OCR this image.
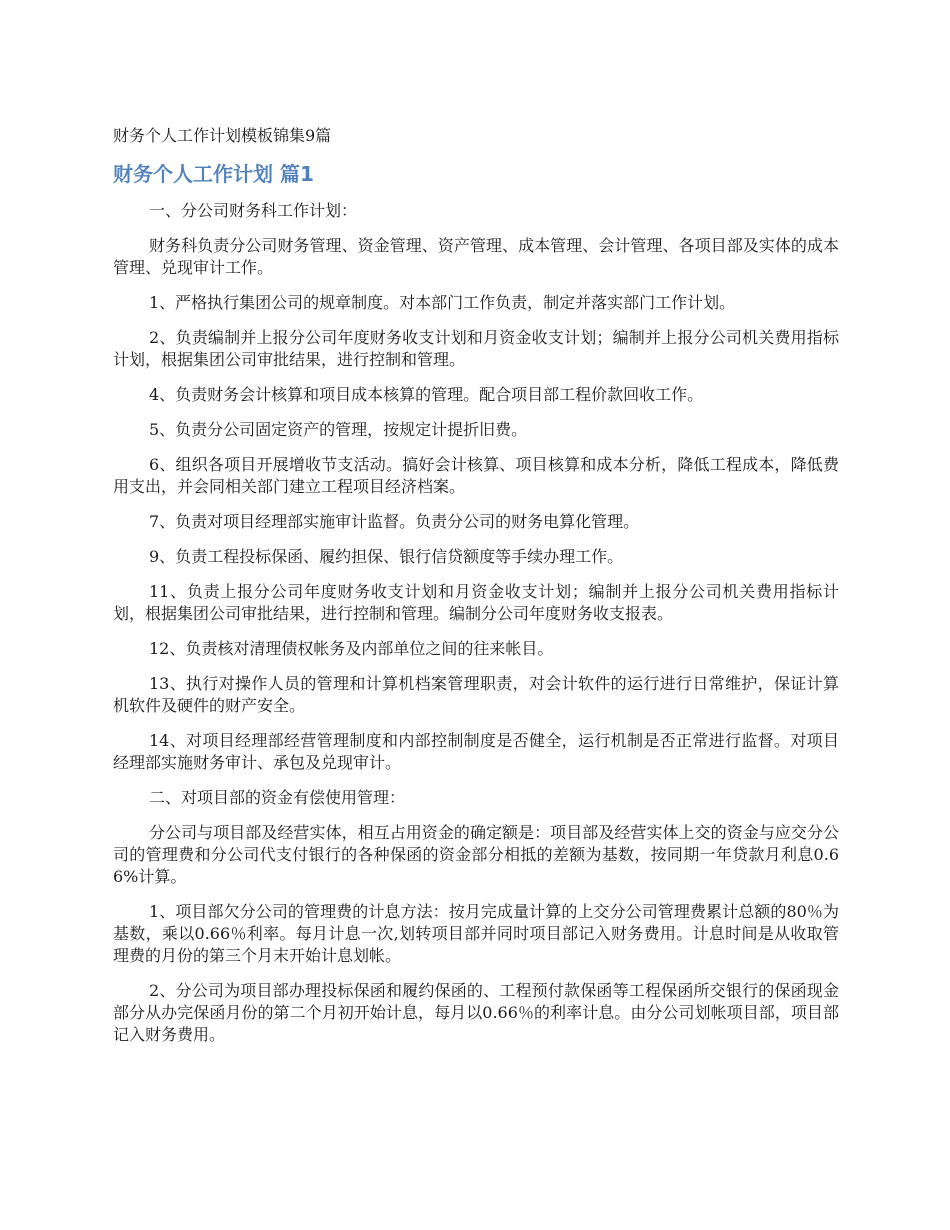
财务个人工作计划模板锦集9篇
财务个人工作计划 篇1

一、分公司财务科工作计划：

财务科负责分公司财务管理、资金管理、资产管理、成本管理、会计管理、各项目部及实体的成本管理、兑现审计工作。

1、严格执行集团公司的规章制度。对本部门工作负责，制定并落实部门工作计划。

2、负责编制并上报分公司年度财务收支计划和月资金收支计划；编制并上报分公司机关费用指标计划，根据集团公司审批结果，进行控制和管理。

4、负责财务会计核算和项目成本核算的管理。配合项目部工程价款回收工作。

5、负责分公司固定资产的管理，按规定计提折旧费。

6、组织各项目开展增收节支活动。搞好会计核算、项目核算和成本分析，降低工程成本，降低费用支出，并会同相关部门建立工程项目经济档案。

7、负责对项目经理部实施审计监督。负责分公司的财务电算化管理。

9、负责工程投标保函、履约担保、银行信贷额度等手续办理工作。

11、负责上报分公司年度财务收支计划和月资金收支计划；编制并上报分公司机关费用指标计划，根据集团公司审批结果，进行控制和管理。编制分公司年度财务收支报表。

12、负责核对清理债权帐务及内部单位之间的往来帐目。

13、执行对操作人员的管理和计算机档案管理职责，对会计软件的运行进行日常维护，保证计算机软件及硬件的财产安全。

14、对项目经理部经营管理制度和内部控制制度是否健全，运行机制是否正常进行监督。对项目经理部实施财务审计、承包及兑现审计。

二、对项目部的资金有偿使用管理：

分公司与项目部及经营实体，相互占用资金的确定额是：项目部及经营实体上交的资金与应交分公司的管理费和分公司代支付银行的各种保函的资金部分相抵的差额为基数，按同期一年贷款月利息0.66%计算。

1、项目部欠分公司的管理费的计息方法：按月完成量计算的上交分公司管理费累计总额的80％为基数，乘以0.66％利率。每月计息一次,划转项目部并同时项目部记入财务费用。计息时间是从收取管理费的月份的第三个月末开始计息划帐。

2、分公司为项目部办理投标保函和履约保函的、工程预付款保函等工程保函所交银行的保函现金部分从办完保函月份的第二个月初开始计息，每月以0.66％的利率计息。由分公司划帐项目部，项目部记入财务费用。
